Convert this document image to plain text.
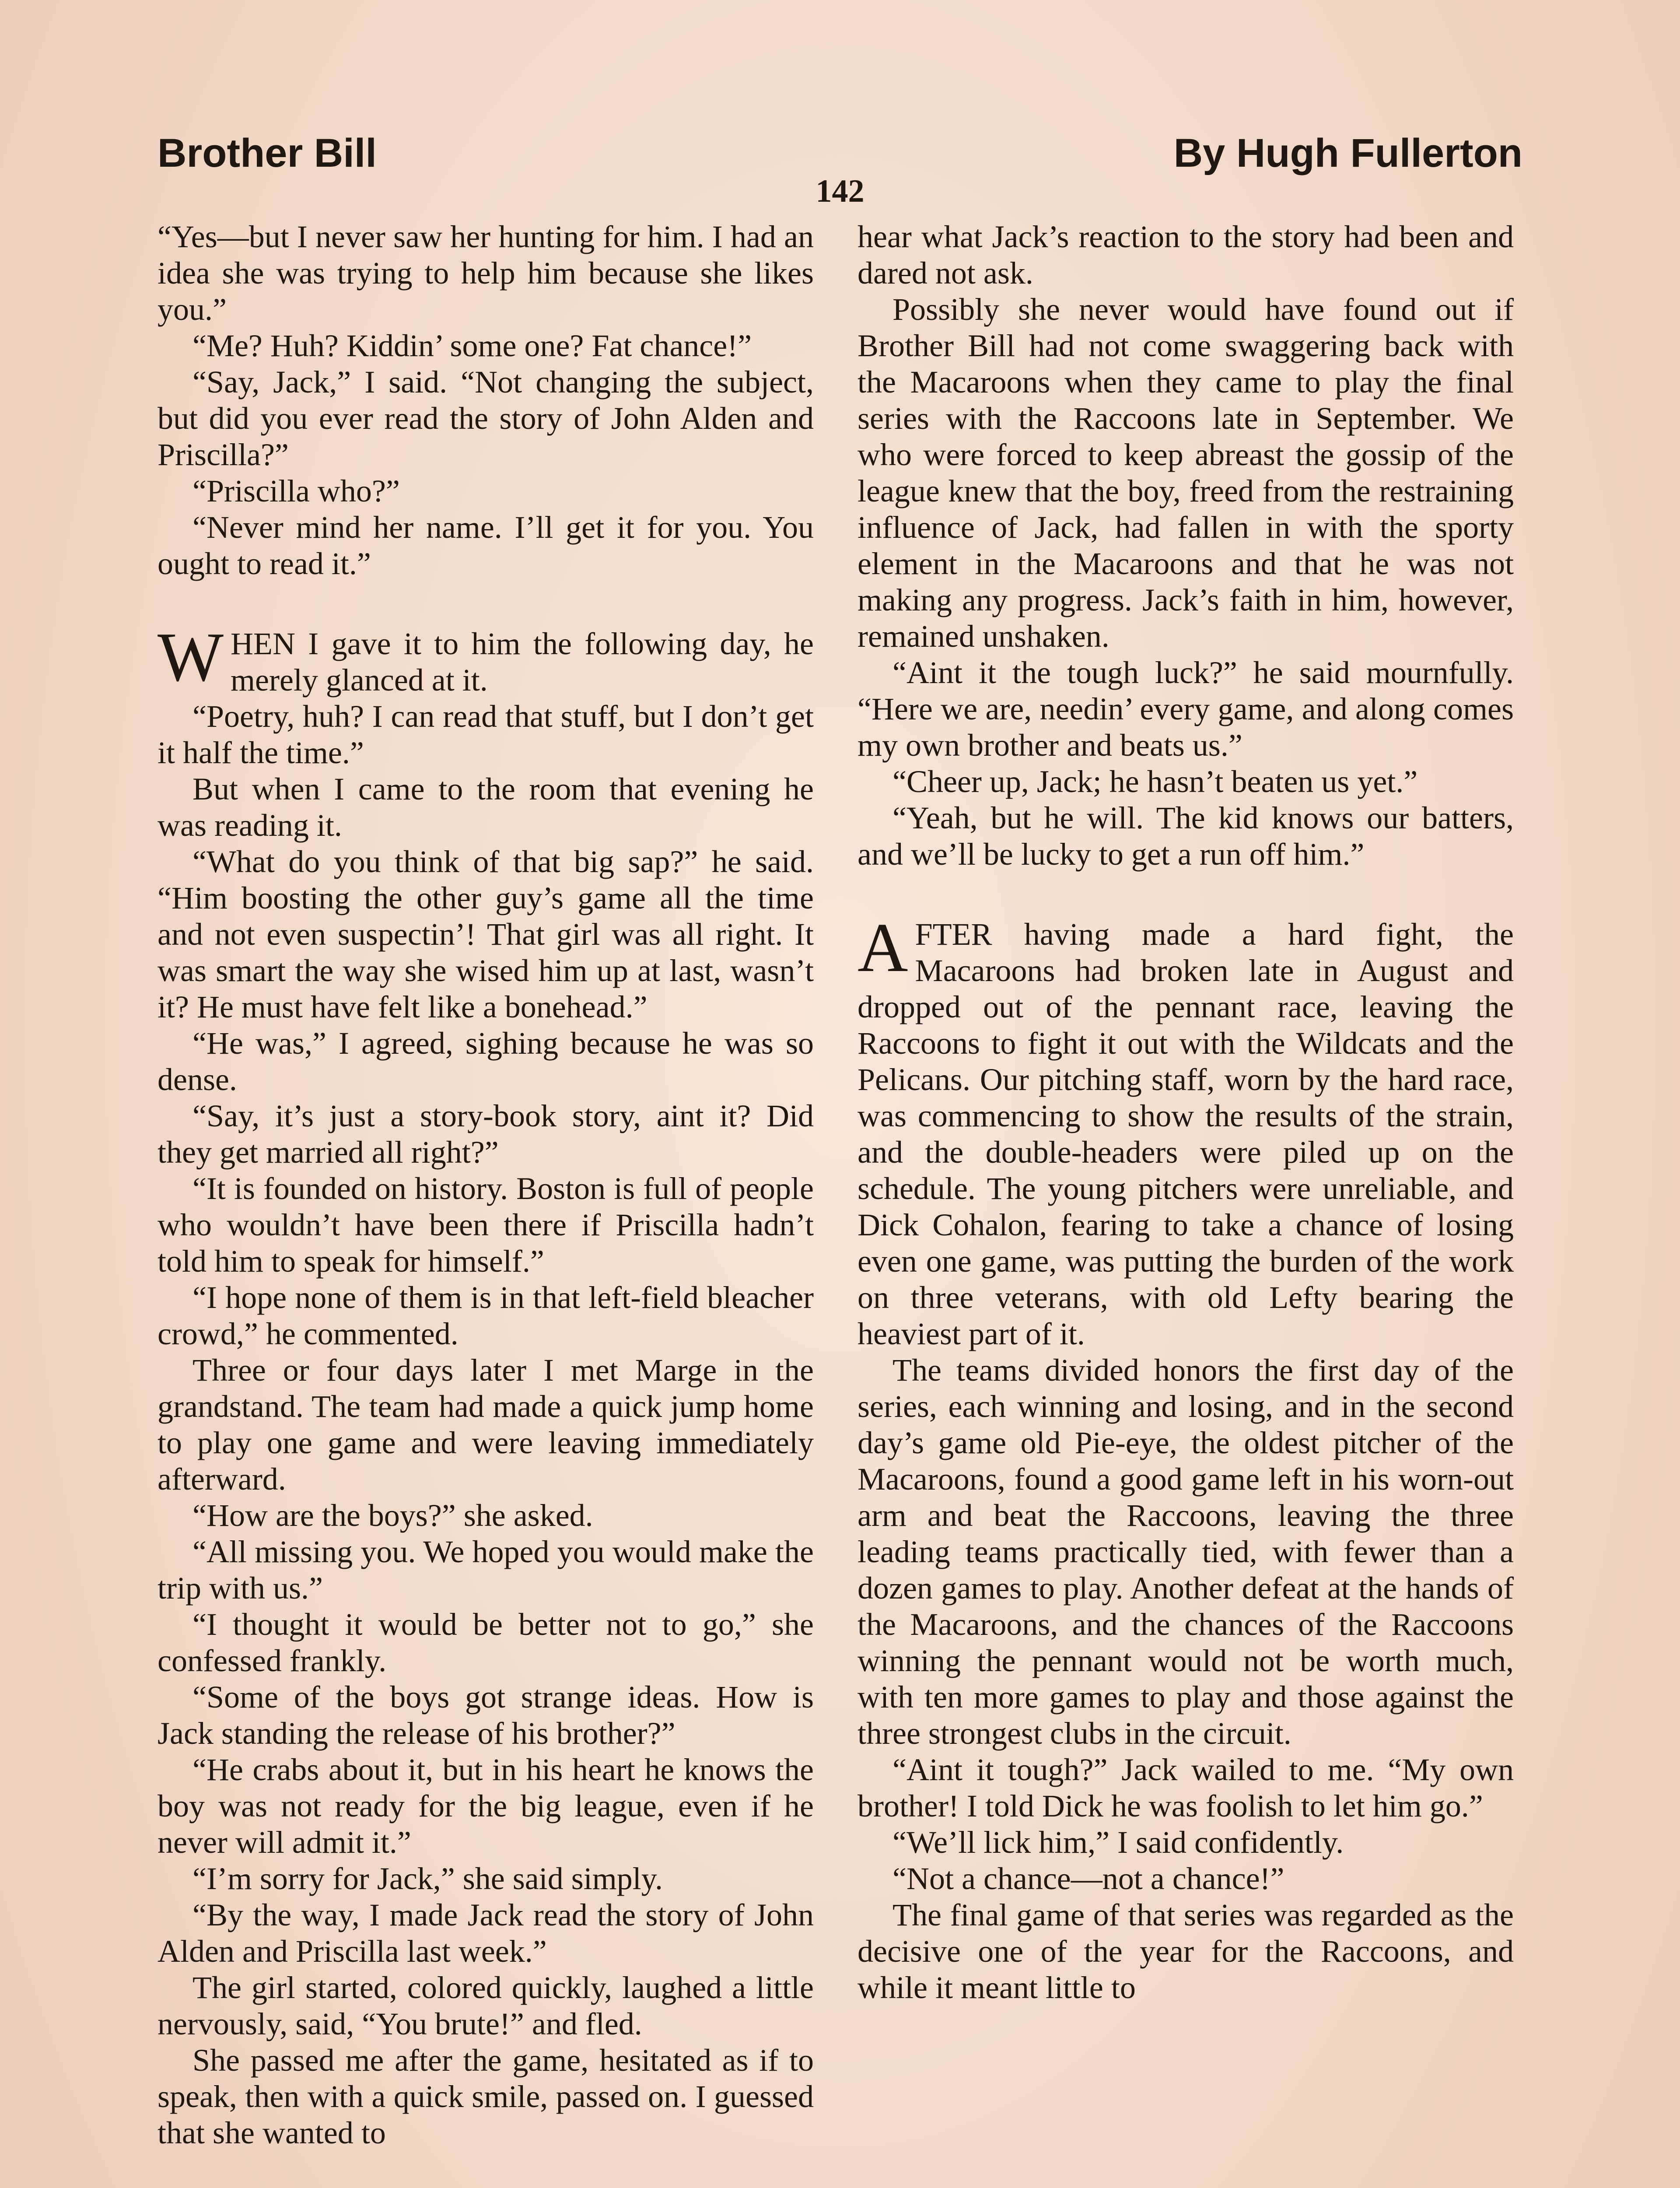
Brother Bill	By Hugh Fullerton
142

“Yes—but I never saw her hunting for him. I had an idea she was trying to help him because she likes you.”

“Me? Huh? Kiddin’ some one? Fat chance!”

“Say, Jack,” I said. “Not changing the subject, but did you ever read the story of John Alden and Priscilla?”

“Priscilla who?”

“Never mind her name. I’ll get it for you. You ought to read it.”

WHEN I gave it to him the following day, he merely glanced at it.

“Poetry, huh? I can read that stuff, but I don’t get it half the time.”

But when I came to the room that evening he was reading it.

“What do you think of that big sap?” he said. “Him boosting the other guy’s game all the time and not even suspectin’! That girl was all right. It was smart the way she wised him up at last, wasn’t it? He must have felt like a bonehead.”

“He was,” I agreed, sighing because he was so dense.

“Say, it’s just a story-book story, aint it? Did they get married all right?”

“It is founded on history. Boston is full of people who wouldn’t have been there if Priscilla hadn’t told him to speak for himself.”

“I hope none of them is in that left-field bleacher crowd,” he commented.

Three or four days later I met Marge in the grandstand. The team had made a quick jump home to play one game and were leaving immediately afterward.

“How are the boys?” she asked.

“All missing you. We hoped you would make the trip with us.”

“I thought it would be better not to go,” she confessed frankly.

“Some of the boys got strange ideas. How is Jack standing the release of his brother?”

“He crabs about it, but in his heart he knows the boy was not ready for the big league, even if he never will admit it.”

“I’m sorry for Jack,” she said simply.

“By the way, I made Jack read the story of John Alden and Priscilla last week.”

The girl started, colored quickly, laughed a little nervously, said, “You brute!” and fled.

She passed me after the game, hesitated as if to speak, then with a quick smile, passed on. I guessed that she wanted to

hear what Jack’s reaction to the story had been and dared not ask.

Possibly she never would have found out if Brother Bill had not come swaggering back with the Macaroons when they came to play the final series with the Raccoons late in September. We who were forced to keep abreast the gossip of the league knew that the boy, freed from the restraining influence of Jack, had fallen in with the sporty element in the Macaroons and that he was not making any progress. Jack’s faith in him, however, remained unshaken.

“Aint it the tough luck?” he said mournfully. “Here we are, needin’ every game, and along comes my own brother and beats us.”

“Cheer up, Jack; he hasn’t beaten us yet.”

“Yeah, but he will. The kid knows our batters, and we’ll be lucky to get a run off him.”

AFTER having made a hard fight, the Macaroons had broken late in August and dropped out of the pennant race, leaving the Raccoons to fight it out with the Wildcats and the Pelicans. Our pitching staff, worn by the hard race, was commencing to show the results of the strain, and the double-headers were piled up on the schedule. The young pitchers were unreliable, and Dick Cohalon, fearing to take a chance of losing even one game, was putting the burden of the work on three veterans, with old Lefty bearing the heaviest part of it.

The teams divided honors the first day of the series, each winning and losing, and in the second day’s game old Pie-eye, the oldest pitcher of the Macaroons, found a good game left in his worn-out arm and beat the Raccoons, leaving the three leading teams practically tied, with fewer than a dozen games to play. Another defeat at the hands of the Macaroons, and the chances of the Raccoons winning the pennant would not be worth much, with ten more games to play and those against the three strongest clubs in the circuit.

“Aint it tough?” Jack wailed to me. “My own brother! I told Dick he was foolish to let him go.”

“We’ll lick him,” I said confidently.

“Not a chance—not a chance!”

The final game of that series was regarded as the decisive one of the year for the Raccoons, and while it meant little to
